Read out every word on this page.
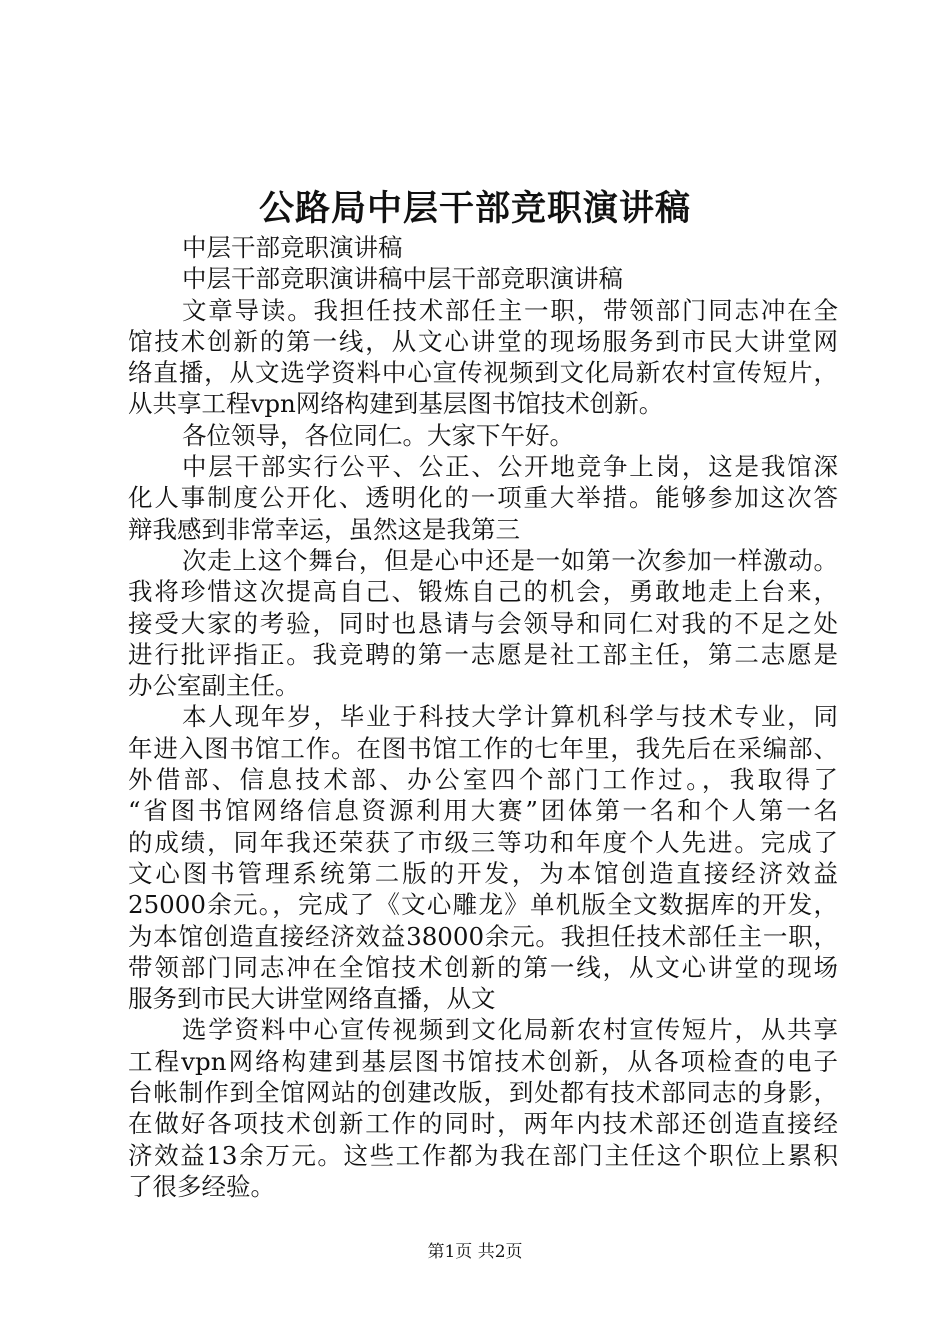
公路局中层干部竞职演讲稿
中层干部竞职演讲稿
中层干部竞职演讲稿中层干部竞职演讲稿
文章导读。我担任技术部任主一职，带领部门同志冲在全
馆技术创新的第一线，从文心讲堂的现场服务到市民大讲堂网
络直播，从文选学资料中心宣传视频到文化局新农村宣传短片，
从共享工程vpn网络构建到基层图书馆技术创新。
各位领导，各位同仁。大家下午好。
中层干部实行公平、公正、公开地竞争上岗，这是我馆深
化人事制度公开化、透明化的一项重大举措。能够参加这次答
辩我感到非常幸运，虽然这是我第三
次走上这个舞台，但是心中还是一如第一次参加一样激动。
我将珍惜这次提高自己、锻炼自己的机会，勇敢地走上台来，
接受大家的考验，同时也恳请与会领导和同仁对我的不足之处
进行批评指正。我竞聘的第一志愿是社工部主任，第二志愿是
办公室副主任。
本人现年岁，毕业于科技大学计算机科学与技术专业，同
年进入图书馆工作。在图书馆工作的七年里，我先后在采编部、
外借部、信息技术部、办公室四个部门工作过。，我取得了
“省图书馆网络信息资源利用大赛”团体第一名和个人第一名
的成绩，同年我还荣获了市级三等功和年度个人先进。完成了
文心图书管理系统第二版的开发，为本馆创造直接经济效益
25000余元。，完成了《文心雕龙》单机版全文数据库的开发，
为本馆创造直接经济效益38000余元。我担任技术部任主一职，
带领部门同志冲在全馆技术创新的第一线，从文心讲堂的现场
服务到市民大讲堂网络直播，从文
选学资料中心宣传视频到文化局新农村宣传短片，从共享
工程vpn网络构建到基层图书馆技术创新，从各项检查的电子
台帐制作到全馆网站的创建改版，到处都有技术部同志的身影，
在做好各项技术创新工作的同时，两年内技术部还创造直接经
济效益13余万元。这些工作都为我在部门主任这个职位上累积
了很多经验。
第1页 共2页
